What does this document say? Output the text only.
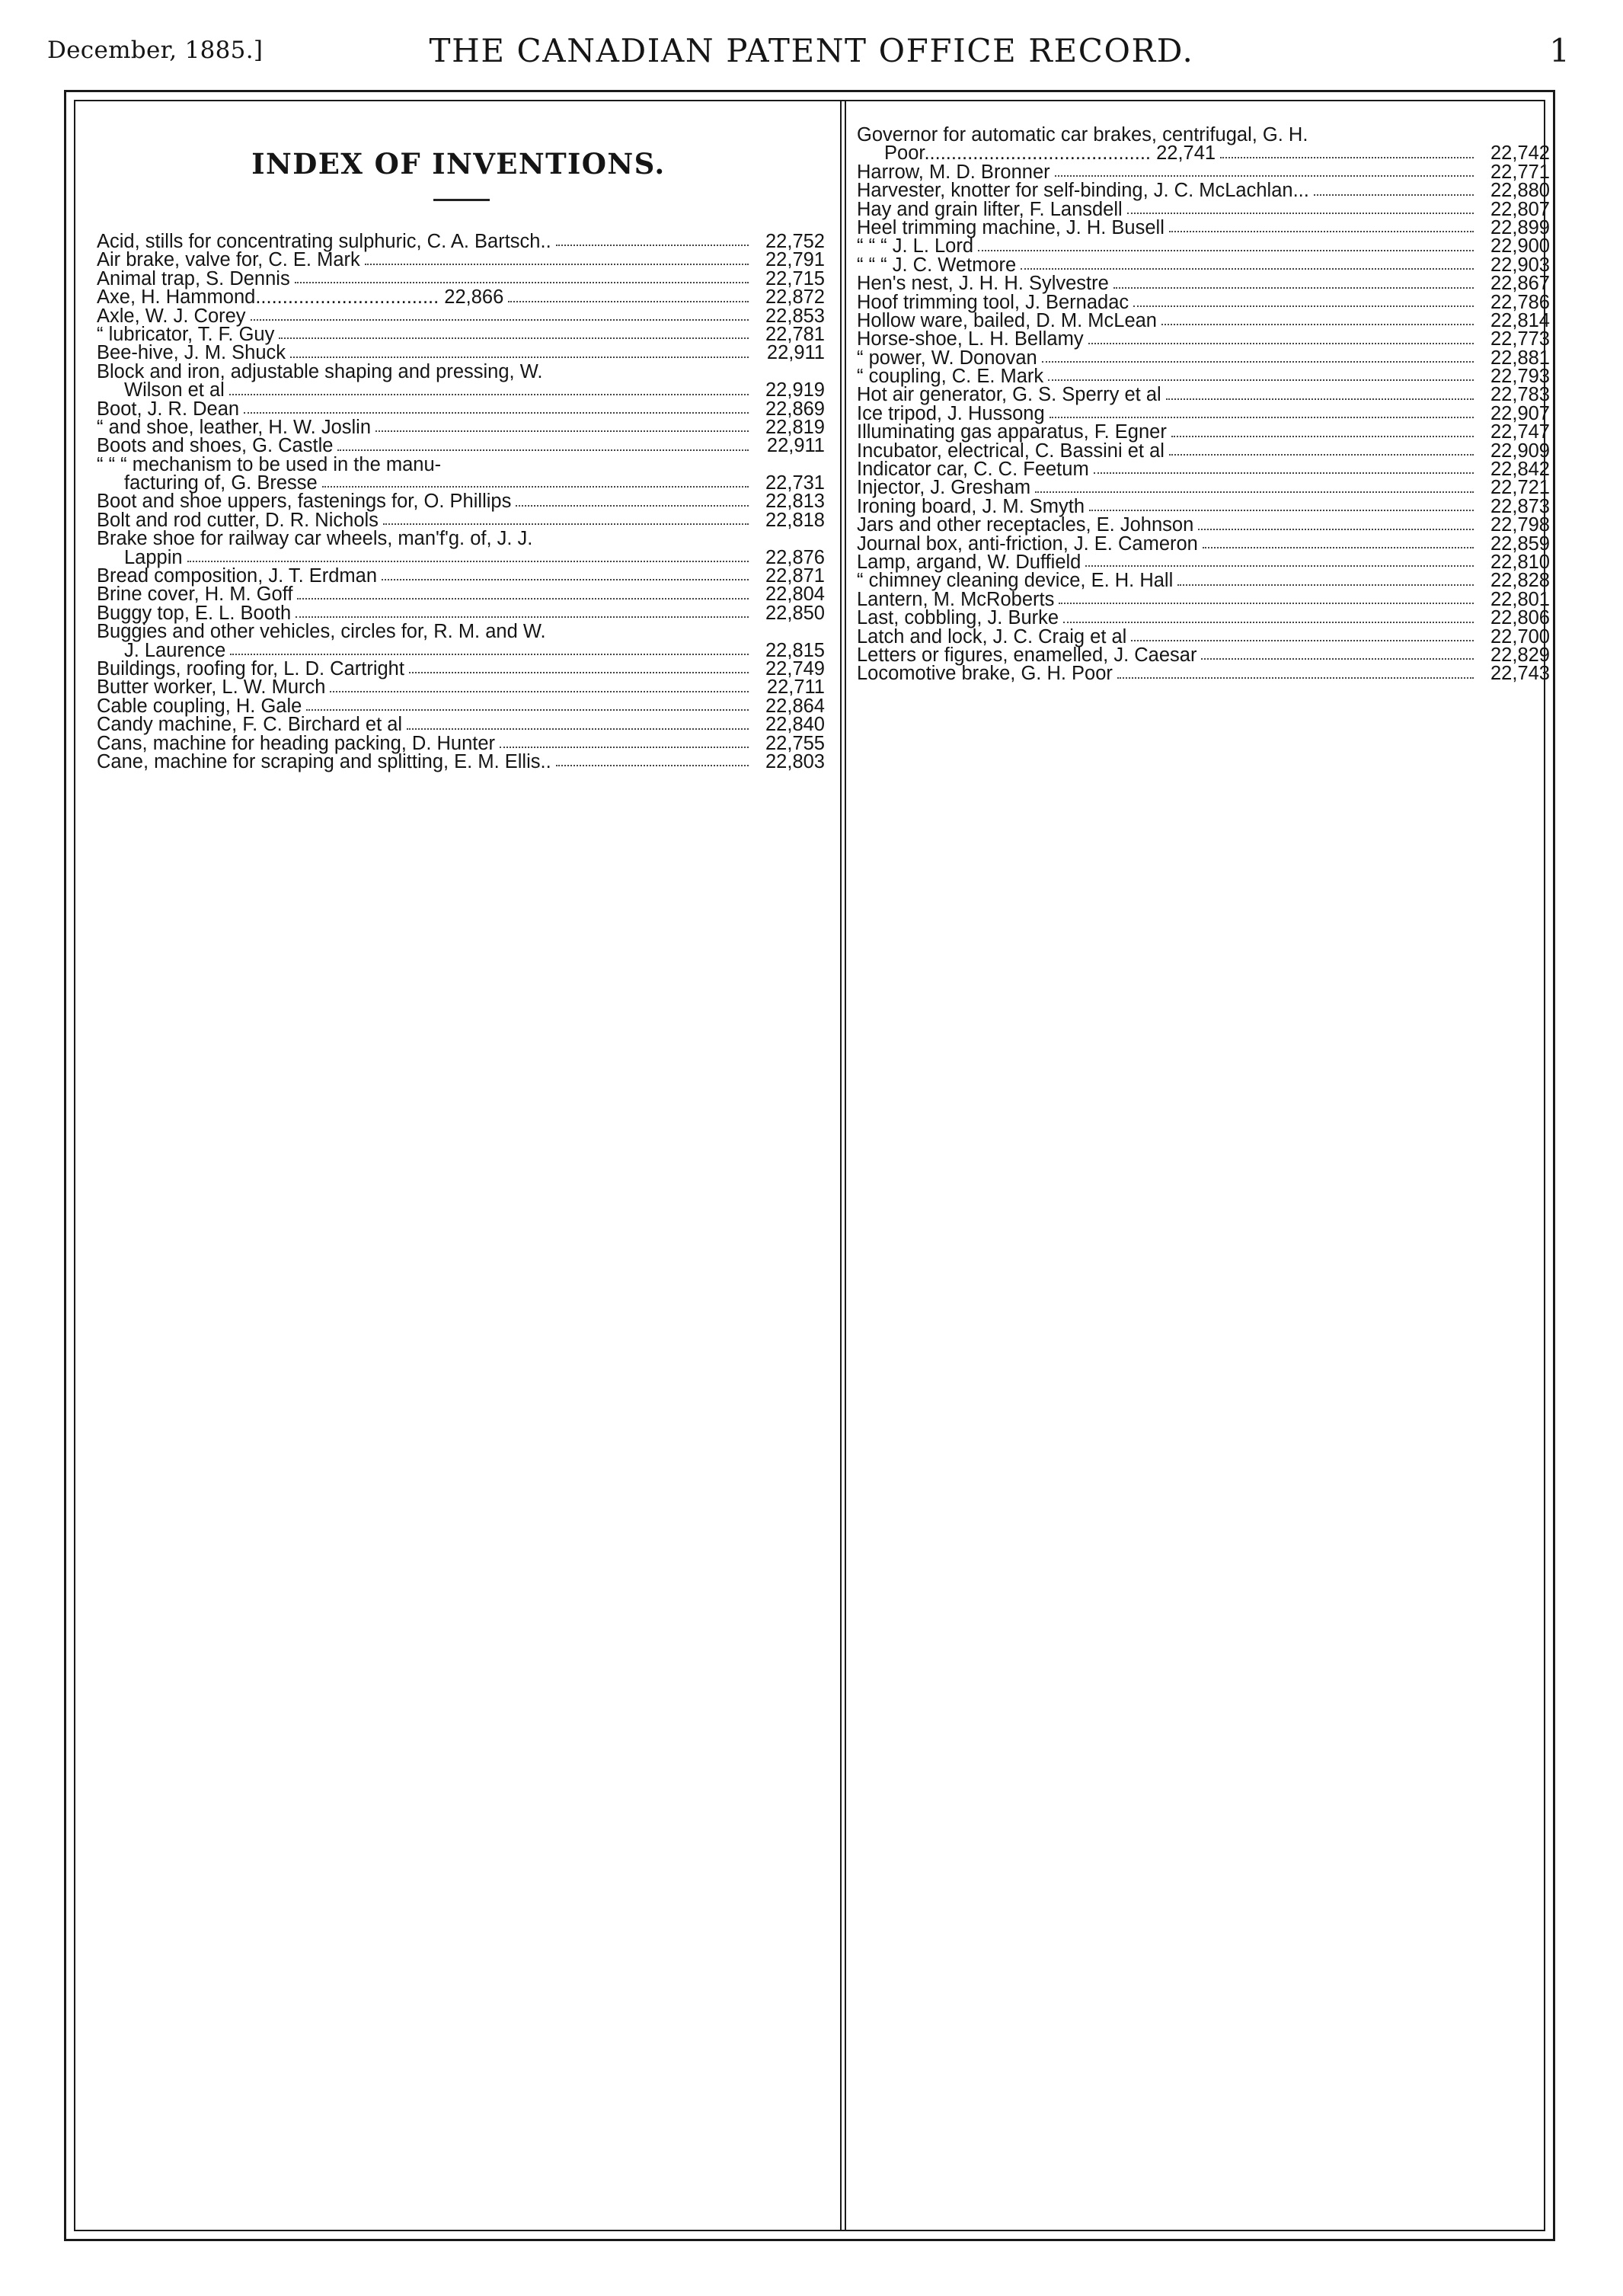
December, 1885.]	THE CANADIAN PATENT OFFICE RECORD.	1
INDEX OF INVENTIONS.
Acid, stills for concentrating sulphuric, C. A. Bartsch..	22,752
Air brake, valve for, C. E. Mark	22,791
Animal trap, S. Dennis	22,715
Axe, H. Hammond.................................. 22,866	22,872
Axle, W. J. Corey	22,853
“ lubricator, T. F. Guy	22,781
Bee-hive, J. M. Shuck	22,911
Block and iron, adjustable shaping and pressing, W.
Wilson et al	22,919
Boot, J. R. Dean	22,869
“ and shoe, leather, H. W. Joslin	22,819
Boots and shoes, G. Castle	22,911
“ “ “ mechanism to be used in the manu-
facturing of, G. Bresse	22,731
Boot and shoe uppers, fastenings for, O. Phillips	22,813
Bolt and rod cutter, D. R. Nichols	22,818
Brake shoe for railway car wheels, man'f'g. of, J. J.
Lappin	22,876
Bread composition, J. T. Erdman	22,871
Brine cover, H. M. Goff	22,804
Buggy top, E. L. Booth	22,850
Buggies and other vehicles, circles for, R. M. and W.
J. Laurence	22,815
Buildings, roofing for, L. D. Cartright	22,749
Butter worker, L. W. Murch	22,711
Cable coupling, H. Gale	22,864
Candy machine, F. C. Birchard et al	22,840
Cans, machine for heading packing, D. Hunter	22,755
Cane, machine for scraping and splitting, E. M. Ellis..	22,803
Governor for automatic car brakes, centrifugal, G. H.
Poor.......................................... 22,741	22,742
Harrow, M. D. Bronner	22,771
Harvester, knotter for self-binding, J. C. McLachlan...	22,880
Hay and grain lifter, F. Lansdell	22,807
Heel trimming machine, J. H. Busell	22,899
“ “ “ J. L. Lord	22,900
“ “ “ J. C. Wetmore	22,903
Hen's nest, J. H. H. Sylvestre	22,867
Hoof trimming tool, J. Bernadac	22,786
Hollow ware, bailed, D. M. McLean	22,814
Horse-shoe, L. H. Bellamy	22,773
“ power, W. Donovan	22,881
“ coupling, C. E. Mark	22,793
Hot air generator, G. S. Sperry et al	22,783
Ice tripod, J. Hussong	22,907
Illuminating gas apparatus, F. Egner	22,747
Incubator, electrical, C. Bassini et al	22,909
Indicator car, C. C. Feetum	22,842
Injector, J. Gresham	22,721
Ironing board, J. M. Smyth	22,873
Jars and other receptacles, E. Johnson	22,798
Journal box, anti-friction, J. E. Cameron	22,859
Lamp, argand, W. Duffield	22,810
“ chimney cleaning device, E. H. Hall	22,828
Lantern, M. McRoberts	22,801
Last, cobbling, J. Burke	22,806
Latch and lock, J. C. Craig et al	22,700
Letters or figures, enamelled, J. Caesar	22,829
Locomotive brake, G. H. Poor	22,743
